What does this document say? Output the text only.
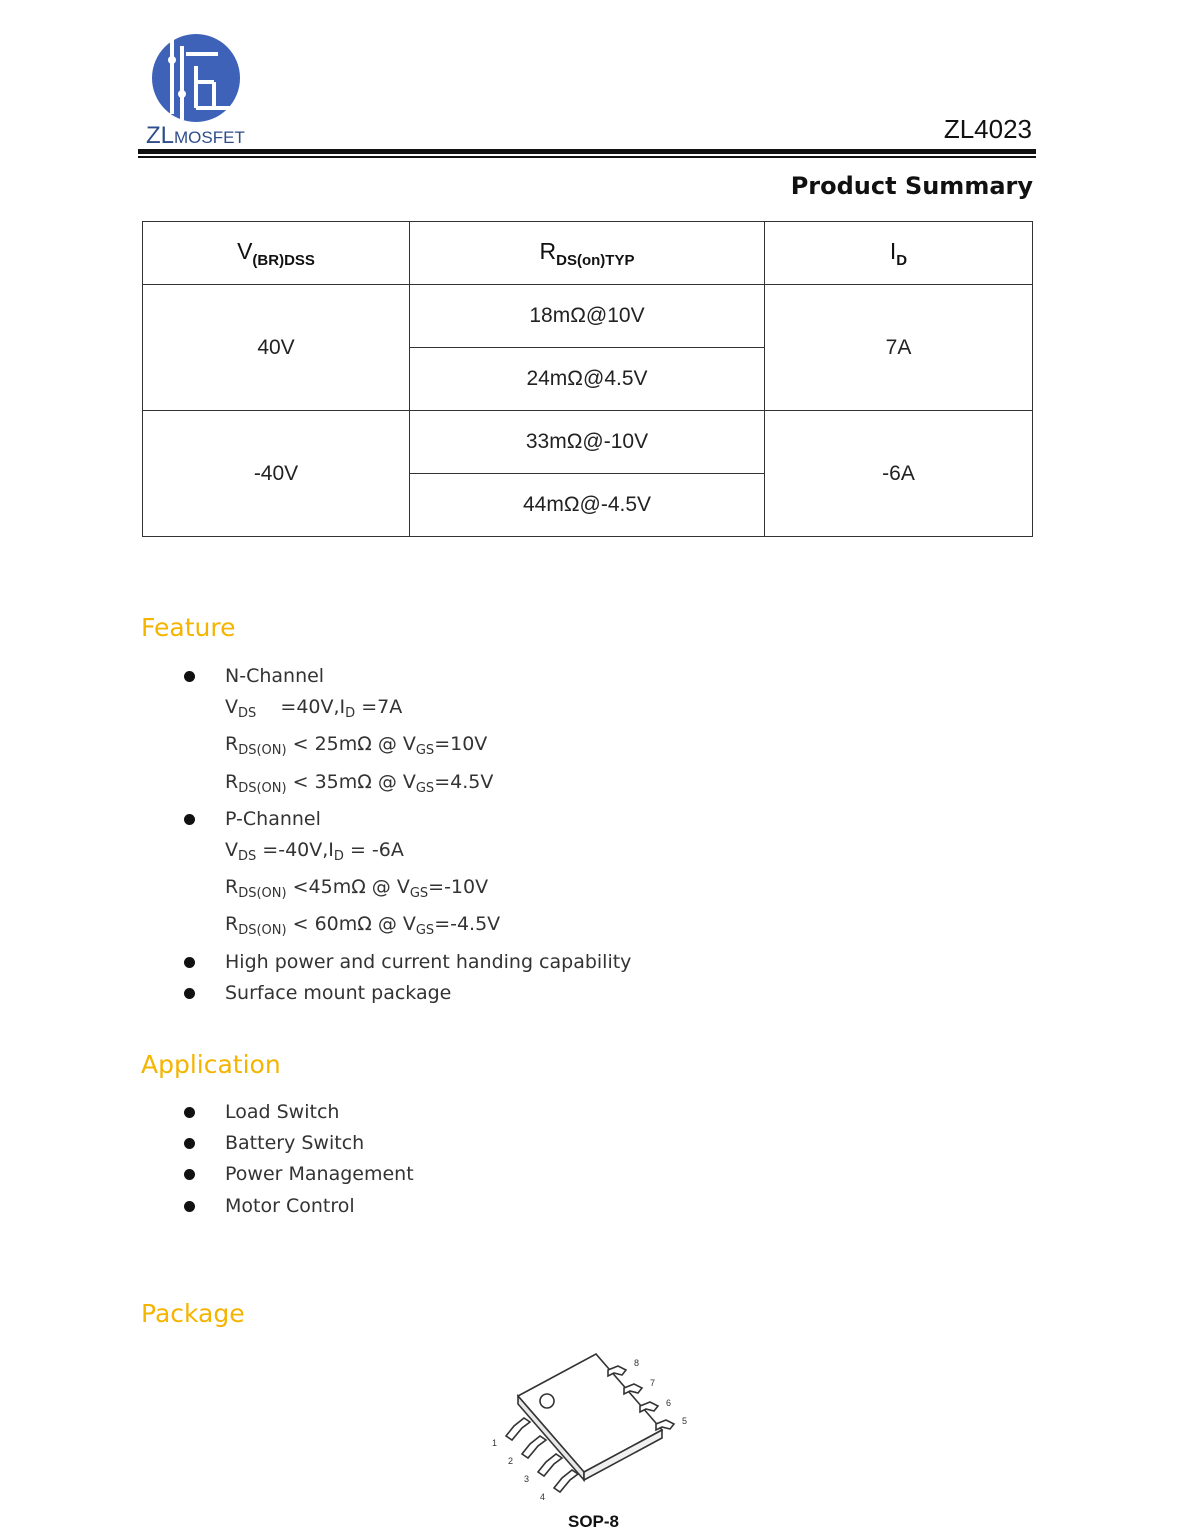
ZLMOSFET	ZL4023
Product Summary
$V_{(BR)DSS}$	$R_{DS(on)TYP}$	$I_D$
40V	18mΩ@10V	7A
	24mΩ@4.5V	
-40V	33mΩ@-10V	-6A
	44mΩ@-4.5V	
Feature
N-Channel
$V_{DS}$    $=40V,I_D =7A$
$R_{DS(ON)} < 25m\Omega$ @ $V_{GS}=10V$
$R_{DS(ON)} < 35m\Omega$ @ $V_{GS}=4.5V$
P-Channel
$V_{DS} =-40V,I_D = -6A$
$R_{DS(ON)} <45m\Omega$ @ $V_{GS}=-10V$
$R_{DS(ON)} < 60m\Omega$ @ $V_{GS}=-4.5V$
High power and current handing capability
Surface mount package
Application
Load Switch
Battery Switch
Power Management
Motor Control
Package
1
2
3
4
5
6
7
8
SOP-8
